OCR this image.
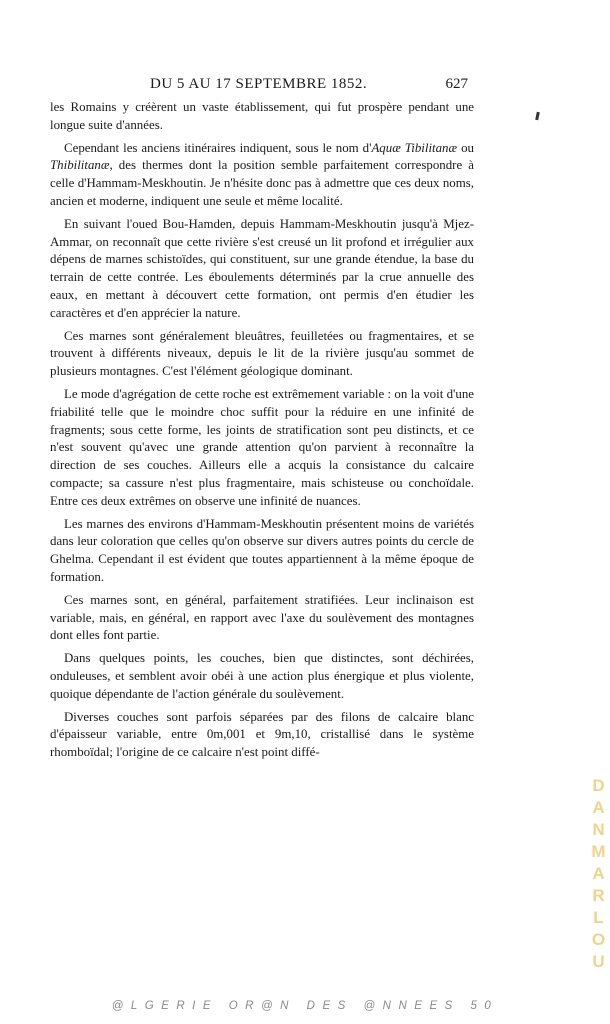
DU 5 AU 17 SEPTEMBRE 1852.	627

les Romains y créèrent un vaste établissement, qui fut prospère pendant une longue suite d'années.

Cependant les anciens itinéraires indiquent, sous le nom d'Aquæ Tibilitanæ ou Thibilitanæ, des thermes dont la position semble parfaitement correspondre à celle d'Hammam-Meskhoutin. Je n'hésite donc pas à admettre que ces deux noms, ancien et moderne, indiquent une seule et même localité.

En suivant l'oued Bou-Hamden, depuis Hammam-Meskhoutin jusqu'à Mjez-Ammar, on reconnaît que cette rivière s'est creusé un lit profond et irrégulier aux dépens de marnes schistoïdes, qui constituent, sur une grande étendue, la base du terrain de cette contrée. Les éboulements déterminés par la crue annuelle des eaux, en mettant à découvert cette formation, ont permis d'en étudier les caractères et d'en apprécier la nature.

Ces marnes sont généralement bleuâtres, feuilletées ou fragmentaires, et se trouvent à différents niveaux, depuis le lit de la rivière jusqu'au sommet de plusieurs montagnes. C'est l'élément géologique dominant.

Le mode d'agrégation de cette roche est extrêmement variable : on la voit d'une friabilité telle que le moindre choc suffit pour la réduire en une infinité de fragments; sous cette forme, les joints de stratification sont peu distincts, et ce n'est souvent qu'avec une grande attention qu'on parvient à reconnaître la direction de ses couches. Ailleurs elle a acquis la consistance du calcaire compacte; sa cassure n'est plus fragmentaire, mais schisteuse ou conchoïdale. Entre ces deux extrêmes on observe une infinité de nuances.

Les marnes des environs d'Hammam-Meskhoutin présentent moins de variétés dans leur coloration que celles qu'on observe sur divers autres points du cercle de Ghelma. Cependant il est évident que toutes appartiennent à la même époque de formation.

Ces marnes sont, en général, parfaitement stratifiées. Leur inclinaison est variable, mais, en général, en rapport avec l'axe du soulèvement des montagnes dont elles font partie.

Dans quelques points, les couches, bien que distinctes, sont déchirées, onduleuses, et semblent avoir obéi à une action plus énergique et plus violente, quoique dépendante de l'action générale du soulèvement.

Diverses couches sont parfois séparées par des filons de calcaire blanc d'épaisseur variable, entre 0m,001 et 9m,10, cristallisé dans le système rhomboïdal; l'origine de ce calcaire n'est point diffé-

DANMARLOU
@LGERIE OR@N DES @NNEES 50
